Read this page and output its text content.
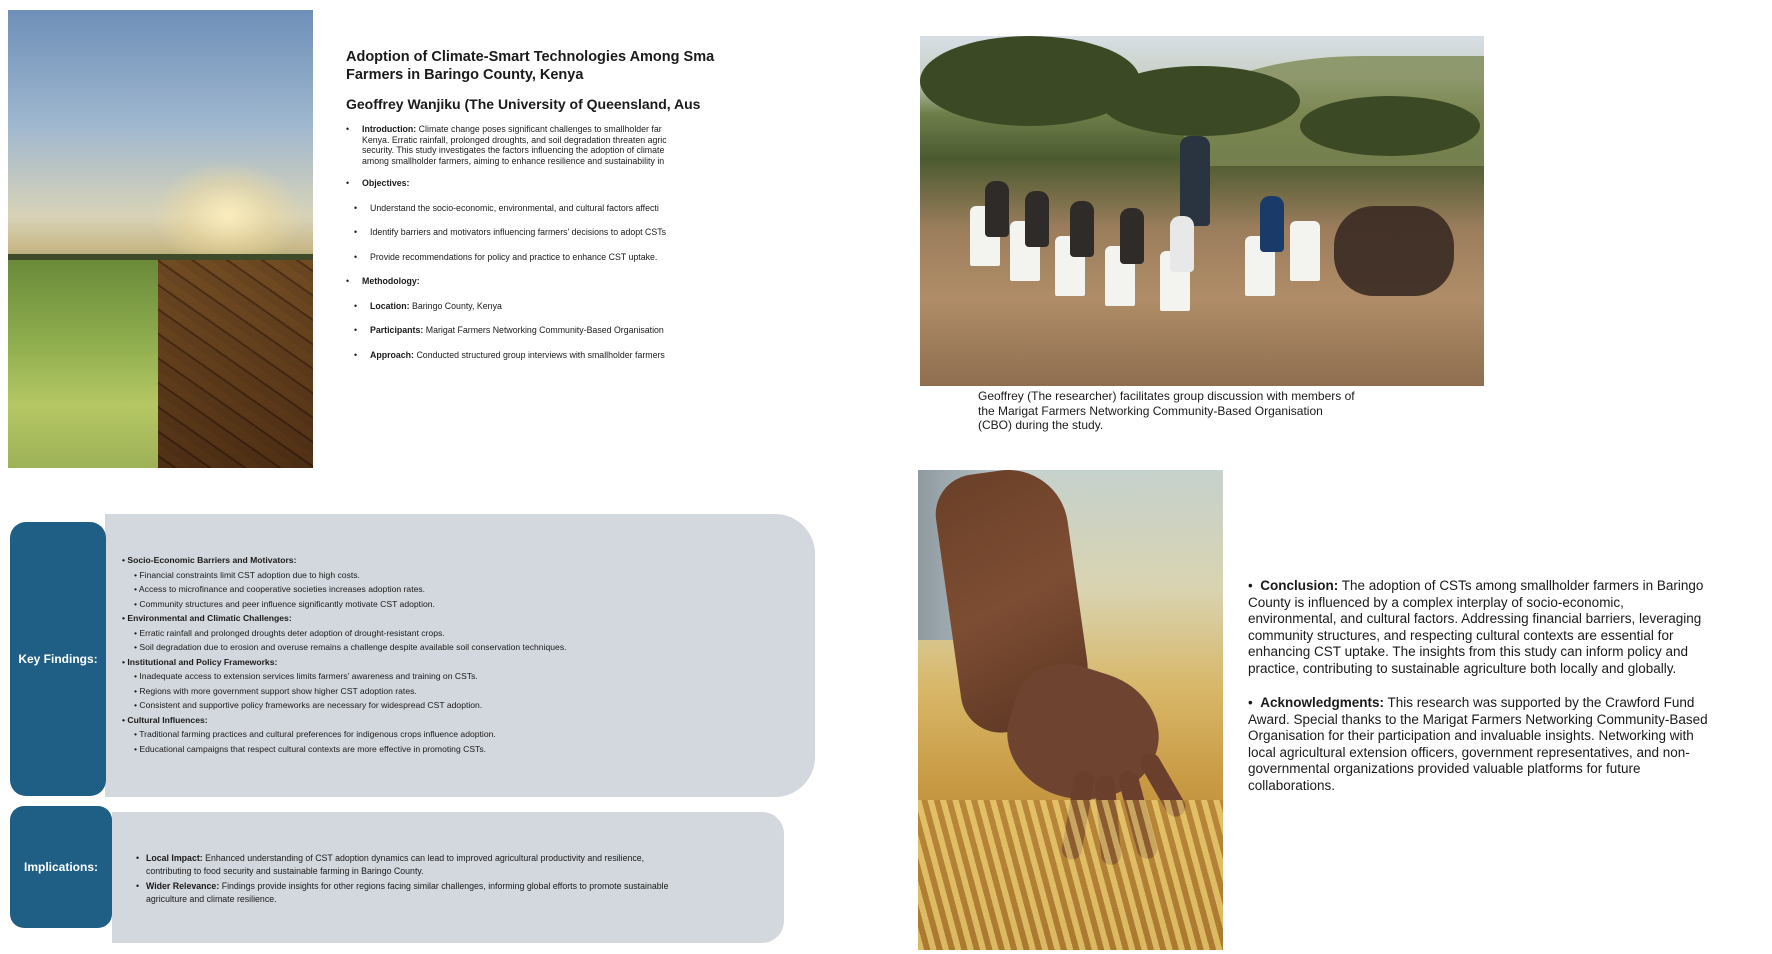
Adoption of Climate-Smart Technologies Among Sma
Farmers in Baringo County, Kenya
Geoffrey Wanjiku (The University of Queensland, Aus
• Introduction: Climate change poses significant challenges to smallholder far
Kenya. Erratic rainfall, prolonged droughts, and soil degradation threaten agric
security. This study investigates the factors influencing the adoption of climate
among smallholder farmers, aiming to enhance resilience and sustainability in
• Objectives:
• Understand the socio-economic, environmental, and cultural factors affecti
• Identify barriers and motivators influencing farmers' decisions to adopt CSTs
• Provide recommendations for policy and practice to enhance CST uptake.
• Methodology:
• Location: Baringo County, Kenya
• Participants: Marigat Farmers Networking Community-Based Organisation
• Approach: Conducted structured group interviews with smallholder farmers
Geoffrey (The researcher) facilitates group discussion with members of
the Marigat Farmers Networking Community-Based Organisation
(CBO) during the study.
Key Findings:
• Socio-Economic Barriers and Motivators:
• Financial constraints limit CST adoption due to high costs.
• Access to microfinance and cooperative societies increases adoption rates.
• Community structures and peer influence significantly motivate CST adoption.
• Environmental and Climatic Challenges:
• Erratic rainfall and prolonged droughts deter adoption of drought-resistant crops.
• Soil degradation due to erosion and overuse remains a challenge despite available soil conservation techniques.
• Institutional and Policy Frameworks:
• Inadequate access to extension services limits farmers' awareness and training on CSTs.
• Regions with more government support show higher CST adoption rates.
• Consistent and supportive policy frameworks are necessary for widespread CST adoption.
• Cultural Influences:
• Traditional farming practices and cultural preferences for indigenous crops influence adoption.
• Educational campaigns that respect cultural contexts are more effective in promoting CSTs.
Implications:
• Local Impact: Enhanced understanding of CST adoption dynamics can lead to improved agricultural productivity and resilience,
contributing to food security and sustainable farming in Baringo County.
• Wider Relevance: Findings provide insights for other regions facing similar challenges, informing global efforts to promote sustainable
agriculture and climate resilience.
•  Conclusion: The adoption of CSTs among smallholder farmers in Baringo
County is influenced by a complex interplay of socio-economic,
environmental, and cultural factors. Addressing financial barriers, leveraging
community structures, and respecting cultural contexts are essential for
enhancing CST uptake. The insights from this study can inform policy and
practice, contributing to sustainable agriculture both locally and globally.
•  Acknowledgments: This research was supported by the Crawford Fund
Award. Special thanks to the Marigat Farmers Networking Community-Based
Organisation for their participation and invaluable insights. Networking with
local agricultural extension officers, government representatives, and non-
governmental organizations provided valuable platforms for future
collaborations.
